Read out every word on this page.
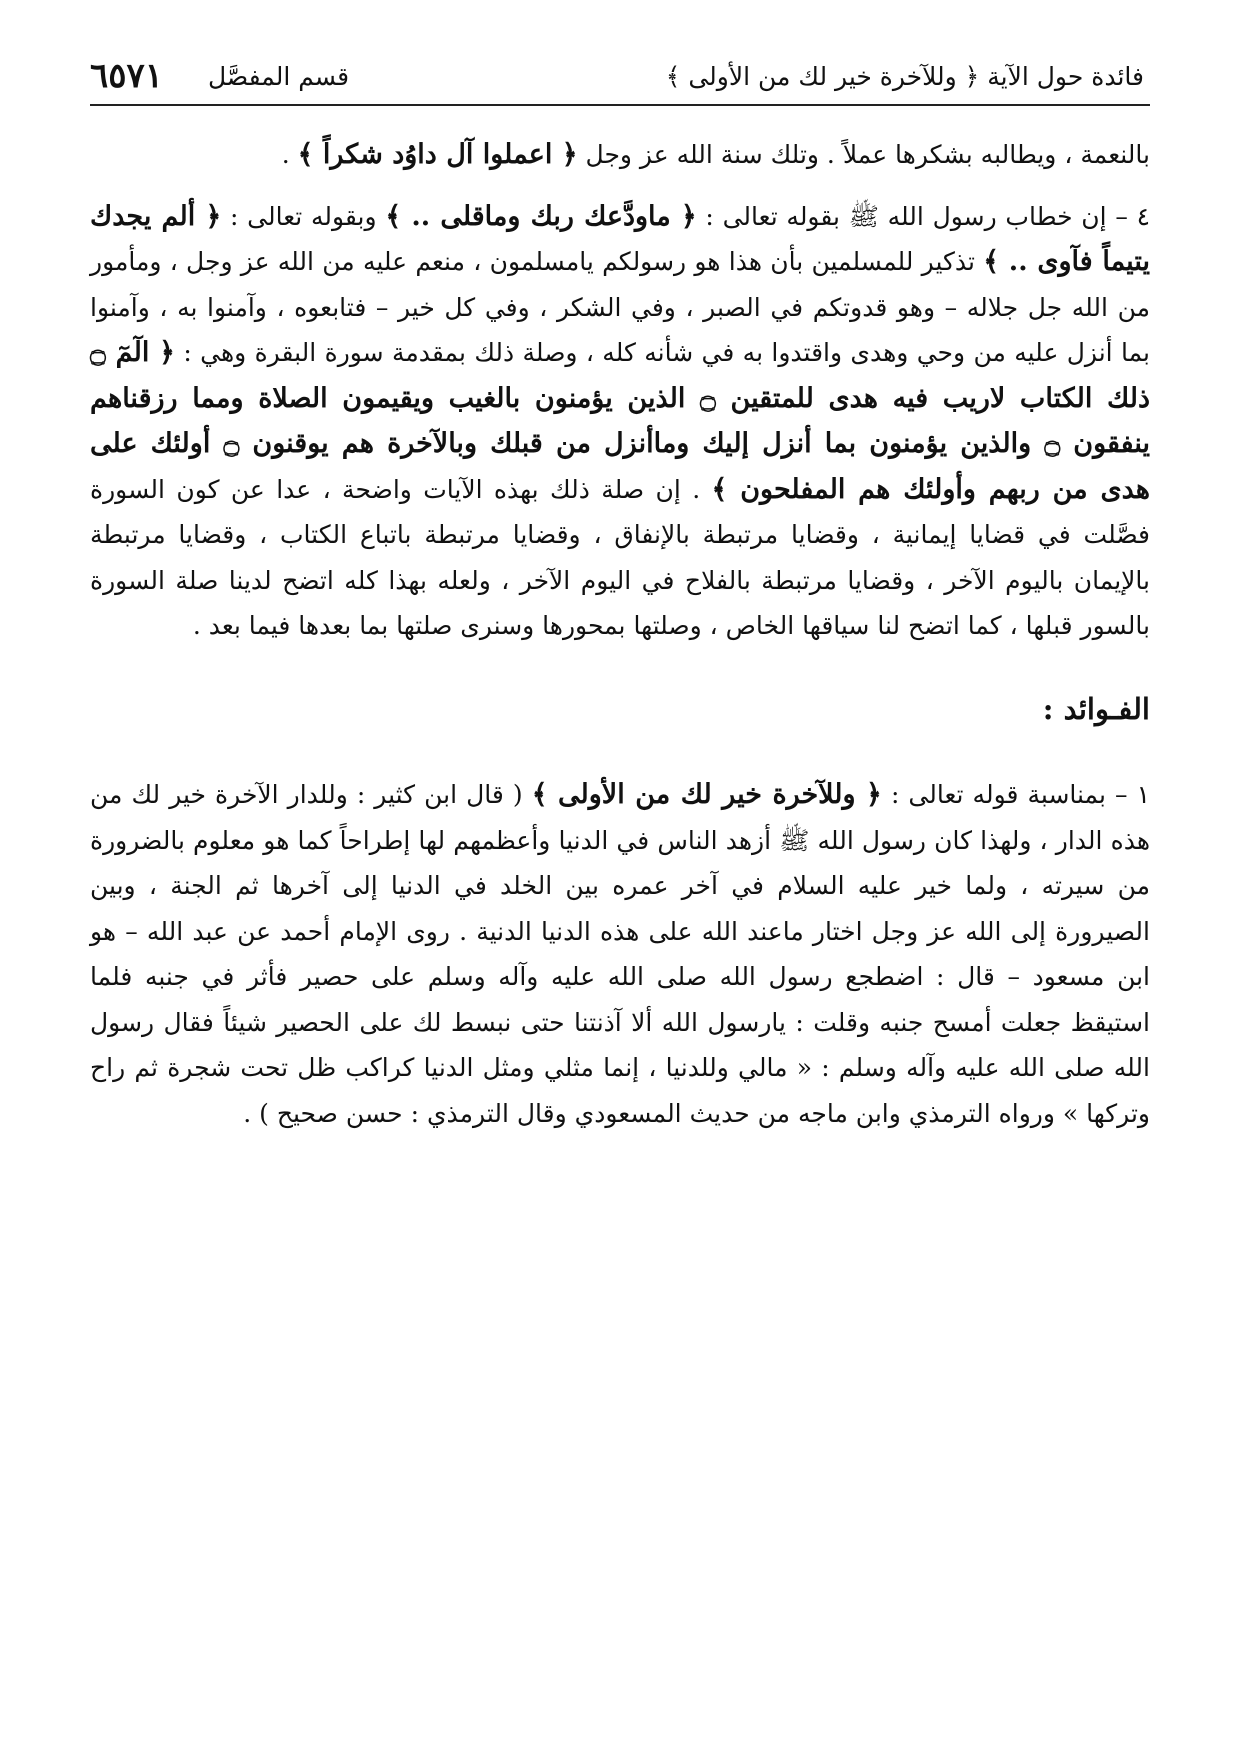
فائدة حول الآية ﴿ وللآخرة خير لك من الأولى ﴾
قسم المفصَّل
٦٥٧١

بالنعمة ، ويطالبه بشكرها عملاً . وتلك سنة الله عز وجل ﴿ اعملوا آل داوُد شكراً ﴾ .

٤ – إن خطاب رسول الله ﷺ بقوله تعالى : ﴿ ماودَّعك ربك وماقلى .. ﴾ وبقوله تعالى : ﴿ ألم يجدك يتيماً فآوى .. ﴾ تذكير للمسلمين بأن هذا هو رسولكم يامسلمون ، منعم عليه من الله عز وجل ، ومأمور من الله جل جلاله – وهو قدوتكم في الصبر ، وفي الشكر ، وفي كل خير – فتابعوه ، وآمنوا به ، وآمنوا بما أنزل عليه من وحي وهدى واقتدوا به في شأنه كله ، وصلة ذلك بمقدمة سورة البقرة وهي : ﴿ الٓمٓ ۝ ذلك الكتاب لاريب فيه هدى للمتقين ۝ الذين يؤمنون بالغيب ويقيمون الصلاة ومما رزقناهم ينفقون ۝ والذين يؤمنون بما أنزل إليك وماأنزل من قبلك وبالآخرة هم يوقنون ۝ أولئك على هدى من ربهم وأولئك هم المفلحون ﴾ . إن صلة ذلك بهذه الآيات واضحة ، عدا عن كون السورة فصَّلت في قضايا إيمانية ، وقضايا مرتبطة بالإنفاق ، وقضايا مرتبطة باتباع الكتاب ، وقضايا مرتبطة بالإيمان باليوم الآخر ، وقضايا مرتبطة بالفلاح في اليوم الآخر ، ولعله بهذا كله اتضح لدينا صلة السورة بالسور قبلها ، كما اتضح لنا سياقها الخاص ، وصلتها بمحورها وسنرى صلتها بما بعدها فيما بعد .

الفـوائد :

١ – بمناسبة قوله تعالى : ﴿ وللآخرة خير لك من الأولى ﴾ ( قال ابن كثير : وللدار الآخرة خير لك من هذه الدار ، ولهذا كان رسول الله ﷺ أزهد الناس في الدنيا وأعظمهم لها إطراحاً كما هو معلوم بالضرورة من سيرته ، ولما خير عليه السلام في آخر عمره بين الخلد في الدنيا إلى آخرها ثم الجنة ، وبين الصيرورة إلى الله عز وجل اختار ماعند الله على هذه الدنيا الدنية . روى الإمام أحمد عن عبد الله – هو ابن مسعود – قال : اضطجع رسول الله صلى الله عليه وآله وسلم على حصير فأثر في جنبه فلما استيقظ جعلت أمسح جنبه وقلت : يارسول الله ألا آذنتنا حتى نبسط لك على الحصير شيئاً فقال رسول الله صلى الله عليه وآله وسلم : « مالي وللدنيا ، إنما مثلي ومثل الدنيا كراكب ظل تحت شجرة ثم راح وتركها » ورواه الترمذي وابن ماجه من حديث المسعودي وقال الترمذي : حسن صحيح ) .
